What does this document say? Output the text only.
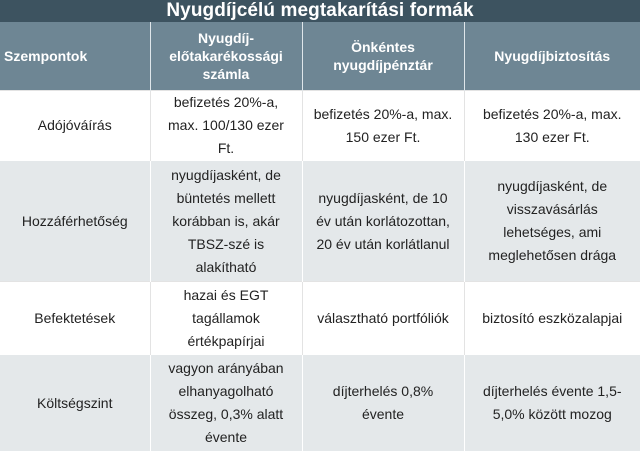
Nyugdíjcélú megtakarítási formák
Szempontok	Nyugdíj-előtakarékossági számla	Önkéntes nyugdíjpénztár	Nyugdíjbiztosítás
Adójóváírás	befizetés 20%-a, max. 100/130 ezer Ft.	befizetés 20%-a, max. 150 ezer Ft.	befizetés 20%-a, max. 130 ezer Ft.
Hozzáférhetőség	nyugdíjasként, de büntetés mellett korábban is, akár TBSZ-szé is alakítható	nyugdíjasként, de 10 év után korlátozottan, 20 év után korlátlanul	nyugdíjasként, de visszavásárlás lehetséges, ami meglehetősen drága
Befektetések	hazai és EGT tagállamok értékpapírjai	választható portfóliók	biztosító eszközalapjai
Költségszint	vagyon arányában elhanyagolható összeg, 0,3% alatt évente	díjterhelés 0,8% évente	díjterhelés évente 1,5-5,0% között mozog
